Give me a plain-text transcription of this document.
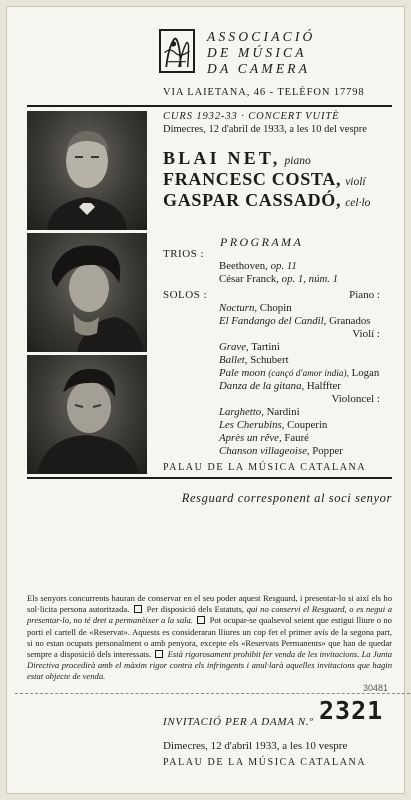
ASSOCIACIÓ
DE MÚSICA
DA CAMERA
VIA LAIETANA, 46 - TELÈFON 17798
CURS 1932-33 · CONCERT VUITÈ
Dimecres, 12 d'abril de 1933, a les 10 del vespre
BLAI NET, piano
FRANCESC COSTA, violí
GASPAR CASSADÓ, cel·lo
PROGRAMA
TRIOS :
Beethoven, op. 11
César Franck, op. 1, núm. 1
SOLOS :	Piano :
Nocturn, Chopin
El Fandango del Candil, Granados
Violí :
Grave, Tartini
Ballet, Schubert
Pale moon (cançó d'amor india), Logan
Danza de la gitana, Halffter
Violoncel :
Larghetto, Nardini
Les Cherubins, Couperin
Après un rêve, Fauré
Chanson villageoise, Popper
PALAU DE LA MÚSICA CATALANA
Resguard corresponent al soci senyor
Els senyors concurrents hauran de conservar en el seu poder aquest Resguard, i presentar-lo si així els ho sol·licita persona autoritzada. Per disposició dels Estatuts, qui no conservi el Resguard, o es negui a presentar-lo, no té dret a permanèixer a la sala. Pot ocupar-se qualsevol seient que estigui lliure o no porti el cartell de «Reservat». Aquests es consideraran lliures un cop fet el primer avís de la segona part, si no estan ocupats personalment o amb penyora, excepte els «Reservats Permanents» que han de quedar sempre a disposició dels interessats. Està rigorosament prohibit fer venda de les invitacions. La Junta Directiva procedirà amb el màxim rigor contra els infringents i anul·larà aquelles invitacions que hagin estat objecte de venda.
30481
INVITACIÓ PER A DAMA N.º 2321
Dimecres, 12 d'abril 1933, a les 10 vespre
PALAU DE LA MÚSICA CATALANA
